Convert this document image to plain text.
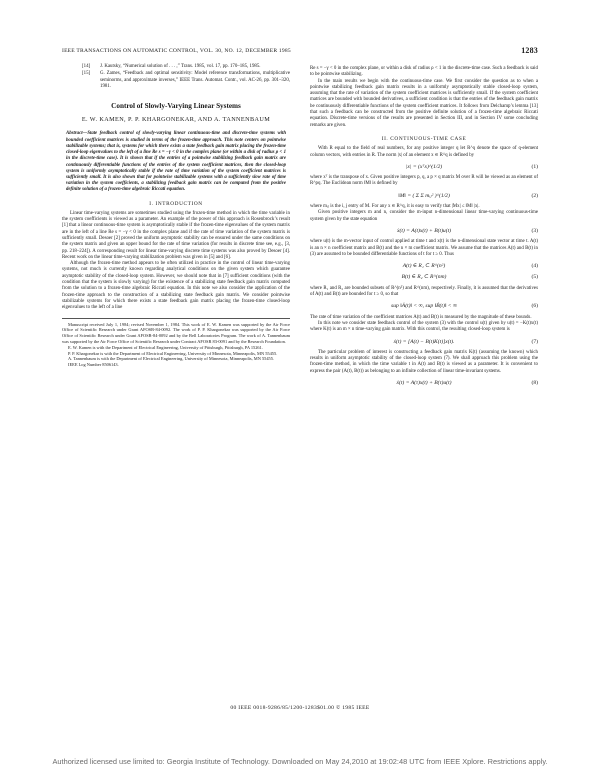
IEEE TRANSACTIONS ON AUTOMATIC CONTROL, VOL. 30, NO. 12, DECEMBER 1985	1283
[14]	J. Kautsky, “Numerical solution of . . . ,” Trans. 1985, vol. 17, pp. 170–185, 1985.
[15]	G. Zames, “Feedback and optimal sensitivity: Model reference transformations, multiplicative seminorms, and approximate inverses,” IEEE Trans. Automat. Contr., vol. AC-26, pp. 301–320, 1981.
Control of Slowly-Varying Linear Systems
E. W. KAMEN, P. P. KHARGONEKAR, AND A. TANNENBAUM
Abstract—State feedback control of slowly-varying linear continuous-time and discrete-time systems with bounded coefficient matrices is studied in terms of the frozen-time approach. This note centers on pointwise stabilizable systems; that is, systems for which there exists a state feedback gain matrix placing the frozen-time closed-loop eigenvalues to the left of a line Re s = −γ < 0 in the complex plane (or within a disk of radius ρ < 1 in the discrete-time case). It is shown that if the entries of a pointwise stabilizing feedback gain matrix are continuously differentiable functions of the entries of the system coefficient matrices, then the closed-loop system is uniformly asymptotically stable if the rate of time variation of the system coefficient matrices is sufficiently small. It is also shown that for pointwise stabilizable systems with a sufficiently slow rate of time variation in the system coefficients, a stabilizing feedback gain matrix can be computed from the positive definite solution of a frozen-time algebraic Riccati equation.
I. INTRODUCTION

Linear time-varying systems are sometimes studied using the frozen-time method in which the time variable in the system coefficients is viewed as a parameter. An example of the power of this approach is Rosenbrock’s result [1] that a linear continuous-time system is asymptotically stable if the frozen-time eigenvalues of the system matrix are in the left of a line Re s = −γ < 0 in the complex plane and if the rate of time variation of the system matrix is sufficiently small. Desoer [2] proved the uniform asymptotic stability can be ensured under the same conditions on the system matrix and given an upper bound for the rate of time variation (for results in discrete time see, e.g., [3, pp. 218–224]). A corresponding result for linear time-varying discrete time systems was also proved by Desoer [4]. Recent work on the linear time-varying stabilization problem was given in [5] and [6].

Although the frozen-time method appears to be often utilized in practice in the control of linear time-varying systems, not much is currently known regarding analytical conditions on the given system which guarantee asymptotic stability of the closed-loop system. However, we should note that in [7] sufficient conditions (with the condition that the system is slowly varying) for the existence of a stabilizing state feedback gain matrix computed from the solution to a frozen-time algebraic Riccati equation. In this note we also consider the application of the frozen-time approach to the construction of a stabilizing state feedback gain matrix. We consider pointwise stabilizable systems for which there exists a state feedback gain matrix placing the frozen-time closed-loop eigenvalues to the left of a line

Manuscript received July 1, 1984; revised November 1, 1984. This work of E. W. Kamen was supported by the Air Force Office of Scientific Research under Grant AFOSR-84-0092. The work of P. P. Khargonekar was supported by the Air Force Office of Scientific Research under Grant AFOSR-84-0092 and by the Bell Laboratories Program. The work of A. Tannenbaum was supported by the Air Force Office of Scientific Research under Contract AFOSR 83-0091 and by the Research Foundation.

E. W. Kamen is with the Department of Electrical Engineering, University of Pittsburgh, Pittsburgh, PA 15261.

P. P. Khargonekar is with the Department of Electrical Engineering, University of Minnesota, Minneapolis, MN 55455.

A. Tannenbaum is with the Department of Electrical Engineering, University of Minnesota, Minneapolis, MN 55455.

IEEE Log Number 8506143.

Re s = −γ < 0 in the complex plane, or within a disk of radius ρ < 1 in the discrete-time case. Such a feedback is said to be pointwise stabilizing.

In the main results we begin with the continuous-time case. We first consider the question as to when a pointwise stabilizing feedback gain matrix results in a uniformly asymptotically stable closed-loop system, assuming that the rate of variation of the system coefficient matrices is sufficiently small. If the system coefficient matrices are bounded with bounded derivatives, a sufficient condition is that the entries of the feedback gain matrix be continuously differentiable functions of the system coefficient matrices. It follows from Delchamp’s lemma [13] that such a feedback can be constructed from the positive definite solution of a frozen-time algebraic Riccati equation. Discrete-time versions of the results are presented in Section III, and in Section IV some concluding remarks are given.

II. CONTINUOUS-TIME CASE

With R equal to the field of real numbers, for any positive integer q let R^q denote the space of q-element column vectors, with entries in R. The norm |x| of an element x ∈ R^q is defined by

|x| = (xᵀx)^(1/2)	(1)

where xᵀ is the transpose of x. Given positive integers p, q, a p × q matrix M over R will be viewed as an element of R^pq. The Euclidean norm ‖M‖ is defined by

‖M‖ = ( Σ Σ mᵢⱼ² )^(1/2)	(2)

where mᵢⱼ is the i, j entry of M. For any x ∈ R^q, it is easy to verify that |Mx| ≤ ‖M‖ |x|.

Given positive integers m and n, consider the m-input n-dimensional linear time-varying continuous-time system given by the state equation

ẋ(t) = A(t)x(t) + B(t)u(t)	(3)

where u(t) is the m-vector input of control applied at time t and x(t) is the n-dimensional state vector at time t. A(t) is an n × n coefficient matrix and B(t) and the n × m coefficient matrix. We assume that the matrices A(t) and B(t) in (3) are assumed to be bounded differentiable functions of t for t ≥ 0. Thus

A(t) ∈ R₁ ⊂ R^(n²)	(4)
B(t) ∈ R₂ ⊂ R^(nm)	(5)

where R₁ and R₂ are bounded subsets of R^(n²) and R^(nm), respectively. Finally, it is assumed that the derivatives of A(t) and B(t) are bounded for t ≥ 0, so that

sup ‖Ȧ(t)‖ < ∞, sup ‖Ḃ(t)‖ < ∞	(6)

The rate of time variation of the coefficient matrices A(t) and B(t) is measured by the magnitude of these bounds.

In this note we consider state feedback control of the system (3) with the control u(t) given by u(t) = −K(t)x(t) where K(t) is an m × n time-varying gain matrix. With this control, the resulting closed-loop system is

ẋ(t) = [A(t) − B(t)K(t)]x(t).	(7)

The particular problem of interest is constructing a feedback gain matrix K(t) (assuming the known) which results in uniform asymptotic stability of the closed-loop system (7). We shall approach this problem using the frozen-time method, in which the time variable t in A(t) and B(t) is viewed as a parameter. It is convenient to express the pair (A(t), B(t)) as belonging to an infinite collection of linear time-invariant systems.

ẋ(t) = A(τ)x(t) + B(τ)u(t)	(8)
00 IEEE 0018-9286/85/1200-1283$01.00 © 1985 IEEE
Authorized licensed use limited to: Georgia Institute of Technology. Downloaded on May 24,2010 at 19:02:48 UTC from IEEE Xplore. Restrictions apply.
